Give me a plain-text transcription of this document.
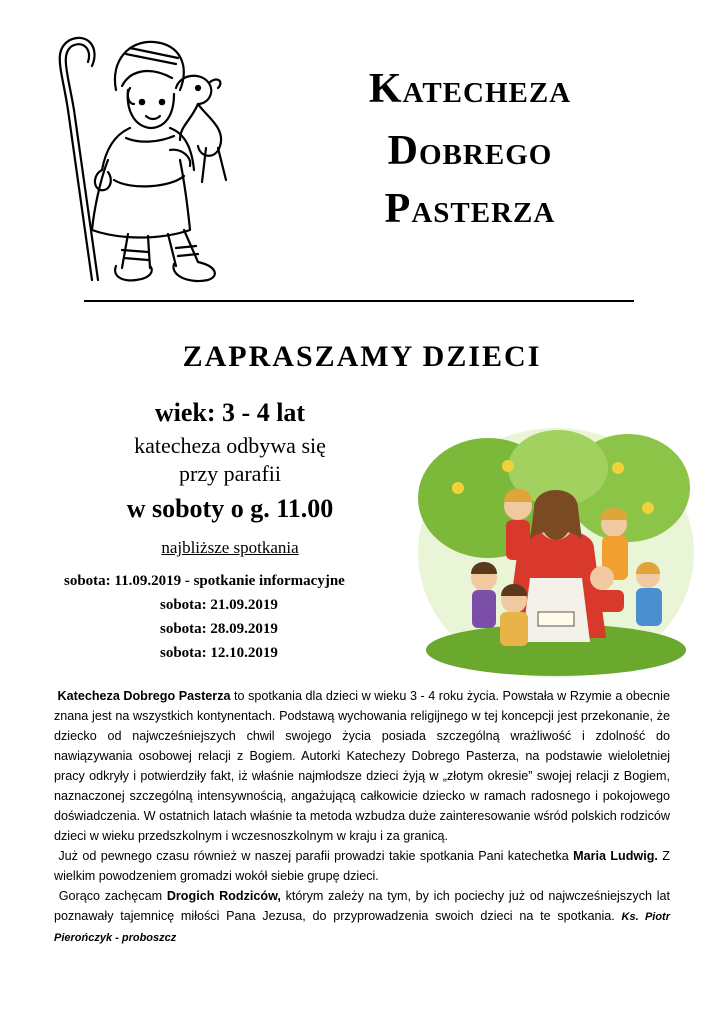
Katecheza
Dobrego
Pasterza
ZAPRASZAMY DZIECI
wiek: 3 - 4 lat
katecheza odbywa się
przy parafii
w soboty o g. 11.00
najbliższe spotkania
sobota: 11.09.2019 - spotkanie informacyjne
sobota: 21.09.2019
sobota: 28.09.2019
sobota: 12.10.2019

Katecheza Dobrego Pasterza to spotkania dla dzieci w wieku 3 - 4 roku życia. Powstała w Rzymie a obecnie znana jest na wszystkich kontynentach. Podstawą wychowania religijnego w tej koncepcji jest przekonanie, że dziecko od najwcześniejszych chwil swojego życia posiada szczególną wrażliwość i zdolność do nawiązywania osobowej relacji z Bogiem. Autorki Katechezy Dobrego Pasterza, na podstawie wieloletniej pracy odkryły i potwierdziły fakt, iż właśnie najmłodsze dzieci żyją w „złotym okresie” swojej relacji z Bogiem, naznaczonej szczególną intensywnością, angażującą całkowicie dziecko w ramach radosnego i pokojowego doświadczenia. W ostatnich latach właśnie ta metoda wzbudza duże zainteresowanie wśród polskich rodziców dzieci w wieku przedszkolnym i wczesnoszkolnym w kraju i za granicą.

Już od pewnego czasu również w naszej parafii prowadzi takie spotkania Pani katechetka Maria Ludwig. Z wielkim powodzeniem gromadzi wokół siebie grupę dzieci.

Gorąco zachęcam Drogich Rodziców, którym zależy na tym, by ich pociechy już od najwcześniejszych lat poznawały tajemnicę miłości Pana Jezusa, do przyprowadzenia swoich dzieci na te spotkania. Ks. Piotr Pierończyk - proboszcz
